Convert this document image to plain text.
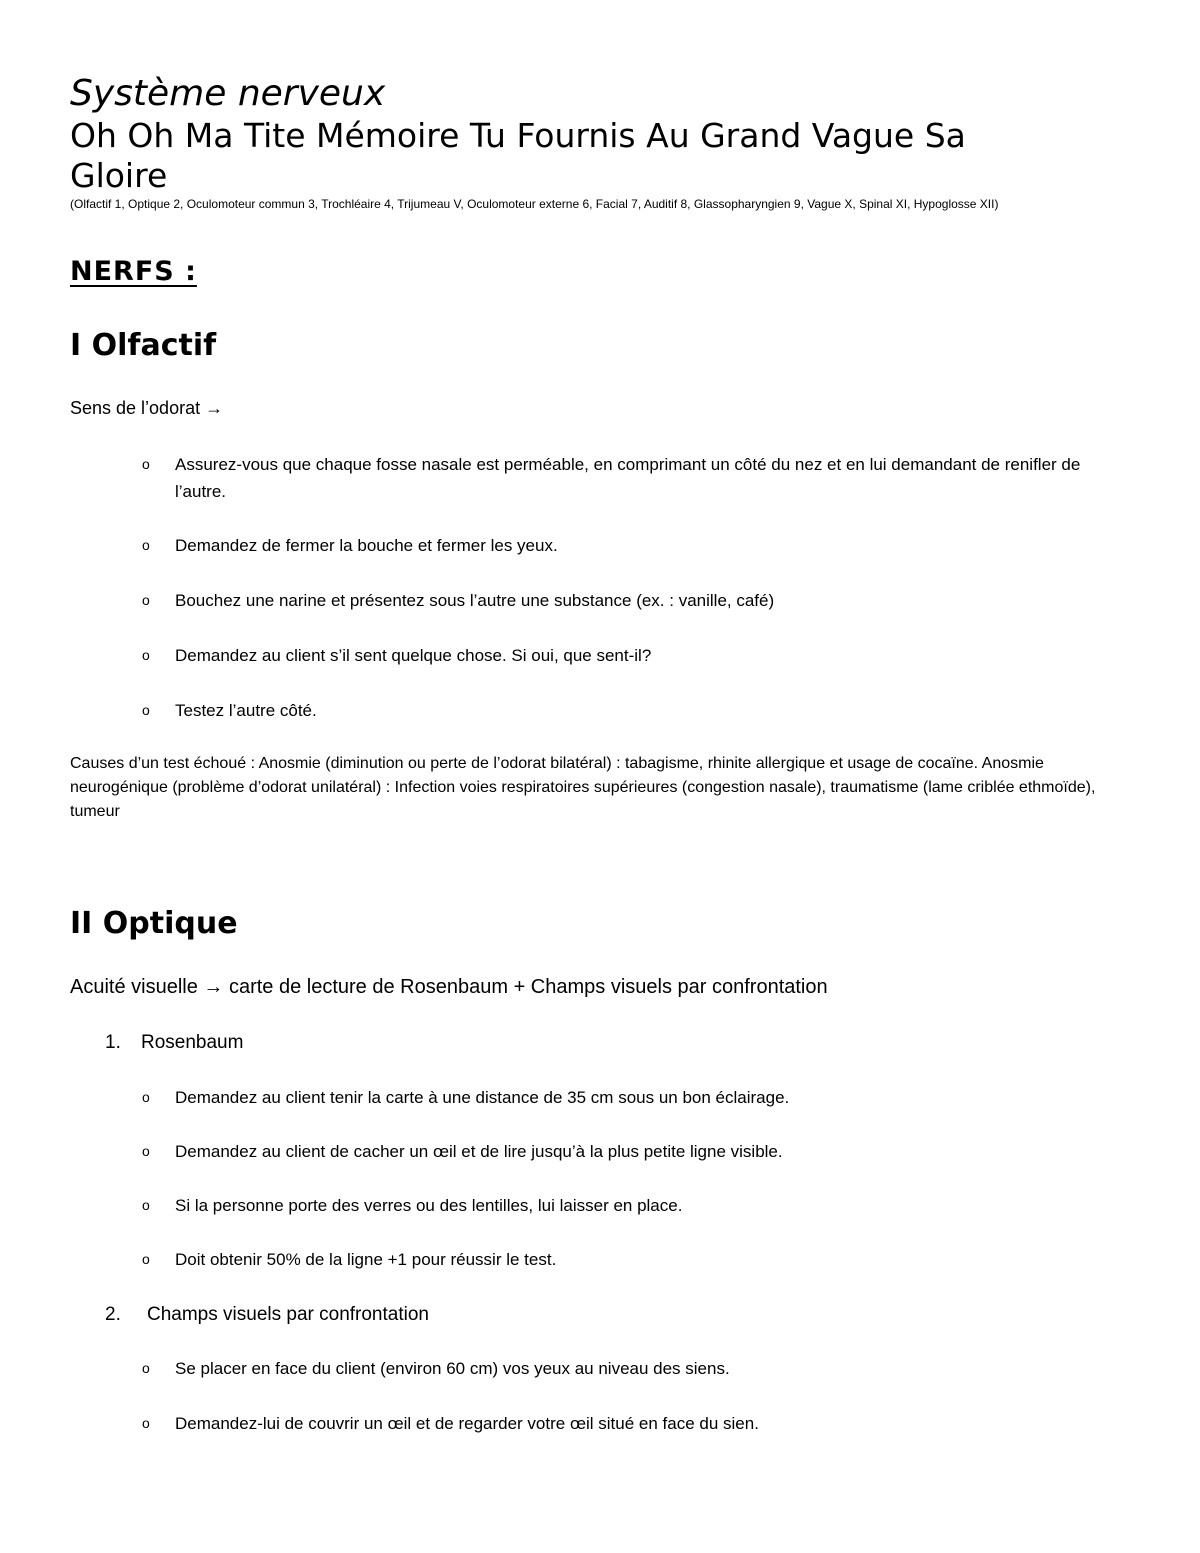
Système nerveux

Oh Oh Ma Tite Mémoire Tu Fournis Au Grand Vague Sa Gloire

(Olfactif 1, Optique 2, Oculomoteur commun 3, Trochléaire 4, Trijumeau V, Oculomoteur externe 6, Facial 7, Auditif 8, Glassopharyngien 9, Vague X, Spinal XI, Hypoglosse XII)

NERFS :
I Olfactif
Sens de l’odorat →
o Assurez-vous que chaque fosse nasale est perméable, en comprimant un côté du nez et en lui demandant de renifler de l’autre.
o Demandez de fermer la bouche et fermer les yeux.
o Bouchez une narine et présentez sous l’autre une substance (ex. : vanille, café)
o Demandez au client s’il sent quelque chose. Si oui, que sent-il?
o Testez l’autre côté.

Causes d’un test échoué : Anosmie (diminution ou perte de l’odorat bilatéral) : tabagisme, rhinite allergique et usage de cocaïne. Anosmie neurogénique (problème d’odorat unilatéral) : Infection voies respiratoires supérieures (congestion nasale), traumatisme (lame criblée ethmoïde), tumeur

II Optique
Acuité visuelle → carte de lecture de Rosenbaum + Champs visuels par confrontation
1. Rosenbaum
o Demandez au client tenir la carte à une distance de 35 cm sous un bon éclairage.
o Demandez au client de cacher un œil et de lire jusqu’à la plus petite ligne visible.
o Si la personne porte des verres ou des lentilles, lui laisser en place.
o Doit obtenir 50% de la ligne +1 pour réussir le test.
2. Champs visuels par confrontation
o Se placer en face du client (environ 60 cm) vos yeux au niveau des siens.
o Demandez-lui de couvrir un œil et de regarder votre œil situé en face du sien.
